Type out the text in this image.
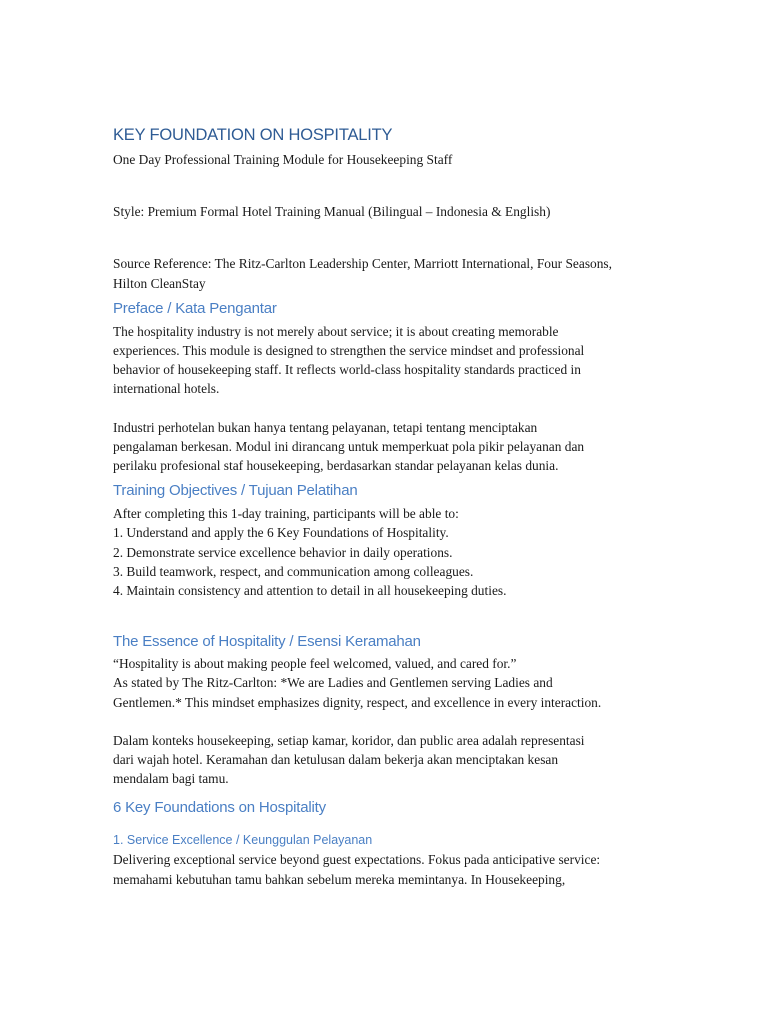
KEY FOUNDATION ON HOSPITALITY

One Day Professional Training Module for Housekeeping Staff

Style: Premium Formal Hotel Training Manual (Bilingual – Indonesia & English)

Source Reference: The Ritz-Carlton Leadership Center, Marriott International, Four Seasons,

Hilton CleanStay

Preface / Kata Pengantar

The hospitality industry is not merely about service; it is about creating memorable

experiences. This module is designed to strengthen the service mindset and professional

behavior of housekeeping staff. It reflects world-class hospitality standards practiced in

international hotels.

Industri perhotelan bukan hanya tentang pelayanan, tetapi tentang menciptakan

pengalaman berkesan. Modul ini dirancang untuk memperkuat pola pikir pelayanan dan

perilaku profesional staf housekeeping, berdasarkan standar pelayanan kelas dunia.

Training Objectives / Tujuan Pelatihan

After completing this 1-day training, participants will be able to:

1. Understand and apply the 6 Key Foundations of Hospitality.

2. Demonstrate service excellence behavior in daily operations.

3. Build teamwork, respect, and communication among colleagues.

4. Maintain consistency and attention to detail in all housekeeping duties.

The Essence of Hospitality / Esensi Keramahan

“Hospitality is about making people feel welcomed, valued, and cared for.”

As stated by The Ritz-Carlton: *We are Ladies and Gentlemen serving Ladies and

Gentlemen.* This mindset emphasizes dignity, respect, and excellence in every interaction.

Dalam konteks housekeeping, setiap kamar, koridor, dan public area adalah representasi

dari wajah hotel. Keramahan dan ketulusan dalam bekerja akan menciptakan kesan

mendalam bagi tamu.

6 Key Foundations on Hospitality
1. Service Excellence / Keunggulan Pelayanan

Delivering exceptional service beyond guest expectations. Fokus pada anticipative service:

memahami kebutuhan tamu bahkan sebelum mereka memintanya. In Housekeeping,
